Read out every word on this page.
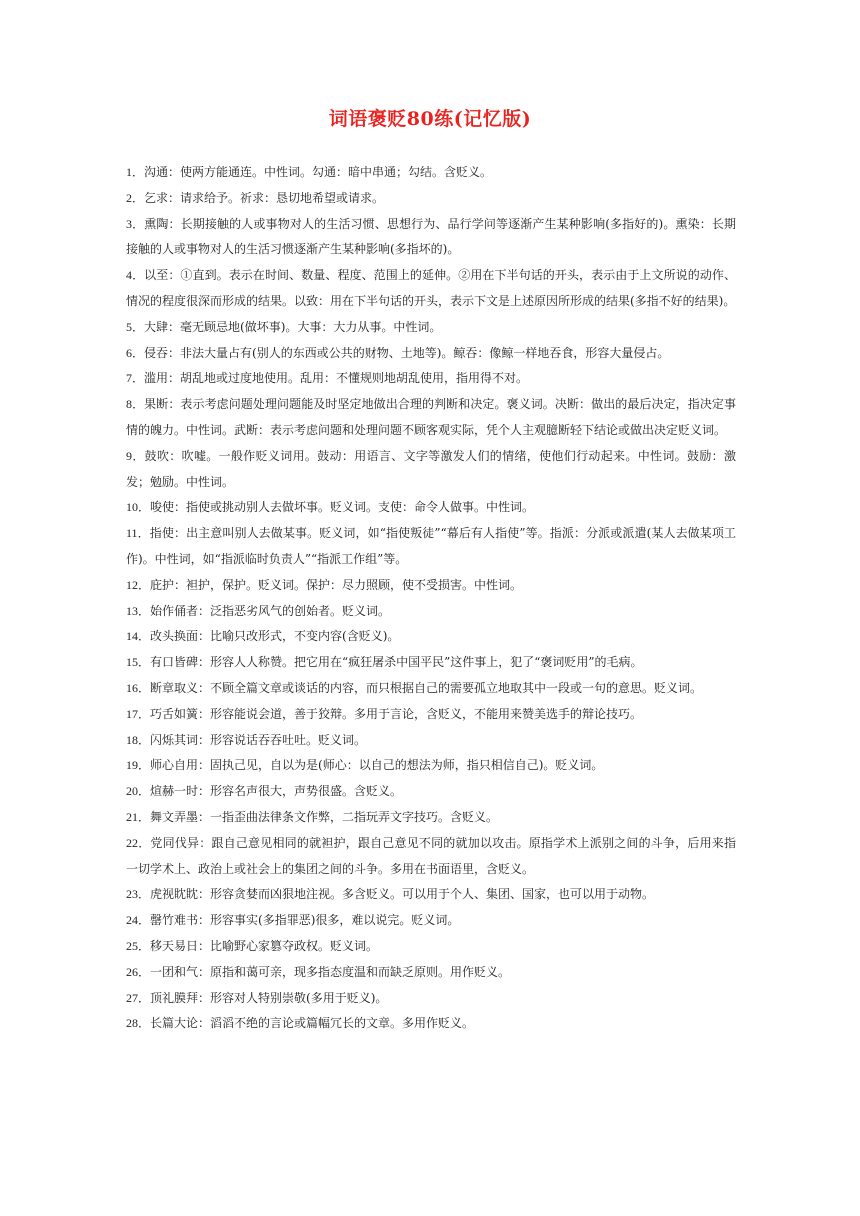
词语褒贬80练(记忆版)
1．沟通：使两方能通连。中性词。勾通：暗中串通；勾结。含贬义。
2．乞求：请求给予。祈求：恳切地希望或请求。
3．熏陶：长期接触的人或事物对人的生活习惯、思想行为、品行学问等逐渐产生某种影响(多指好的)。熏染：长期接触的人或事物对人的生活习惯逐渐产生某种影响(多指坏的)。
4．以至：①直到。表示在时间、数量、程度、范围上的延伸。②用在下半句话的开头，表示由于上文所说的动作、情况的程度很深而形成的结果。以致：用在下半句话的开头，表示下文是上述原因所形成的结果(多指不好的结果)。
5．大肆：毫无顾忌地(做坏事)。大事：大力从事。中性词。
6．侵吞：非法大量占有(别人的东西或公共的财物、土地等)。鲸吞：像鲸一样地吞食，形容大量侵占。
7．滥用：胡乱地或过度地使用。乱用：不懂规则地胡乱使用，指用得不对。
8．果断：表示考虑问题处理问题能及时坚定地做出合理的判断和决定。褒义词。决断：做出的最后决定，指决定事情的魄力。中性词。武断：表示考虑问题和处理问题不顾客观实际，凭个人主观臆断轻下结论或做出决定贬义词。
9．鼓吹：吹嘘。一般作贬义词用。鼓动：用语言、文字等激发人们的情绪，使他们行动起来。中性词。鼓励：激发；勉励。中性词。
10．唆使：指使或挑动别人去做坏事。贬义词。支使：命令人做事。中性词。
11．指使：出主意叫别人去做某事。贬义词，如“指使叛徒”“幕后有人指使”等。指派：分派或派遣(某人去做某项工作)。中性词，如“指派临时负责人”“指派工作组”等。
12．庇护：袒护，保护。贬义词。保护：尽力照顾，使不受损害。中性词。
13．始作俑者：泛指恶劣风气的创始者。贬义词。
14．改头换面：比喻只改形式，不变内容(含贬义)。
15．有口皆碑：形容人人称赞。把它用在“疯狂屠杀中国平民”这件事上，犯了“褒词贬用”的毛病。
16．断章取义：不顾全篇文章或谈话的内容，而只根据自己的需要孤立地取其中一段或一句的意思。贬义词。
17．巧舌如簧：形容能说会道，善于狡辩。多用于言论，含贬义，不能用来赞美选手的辩论技巧。
18．闪烁其词：形容说话吞吞吐吐。贬义词。
19．师心自用：固执己见，自以为是(师心：以自己的想法为师，指只相信自己)。贬义词。
20．煊赫一时：形容名声很大，声势很盛。含贬义。
21．舞文弄墨：一指歪曲法律条文作弊，二指玩弄文字技巧。含贬义。
22．党同伐异：跟自己意见相同的就袒护，跟自己意见不同的就加以攻击。原指学术上派别之间的斗争，后用来指一切学术上、政治上或社会上的集团之间的斗争。多用在书面语里，含贬义。
23．虎视眈眈：形容贪婪而凶狠地注视。多含贬义。可以用于个人、集团、国家，也可以用于动物。
24．罄竹难书：形容事实(多指罪恶)很多，难以说完。贬义词。
25．移天易日：比喻野心家篡夺政权。贬义词。
26．一团和气：原指和蔼可亲，现多指态度温和而缺乏原则。用作贬义。
27．顶礼膜拜：形容对人特别崇敬(多用于贬义)。
28．长篇大论：滔滔不绝的言论或篇幅冗长的文章。多用作贬义。
